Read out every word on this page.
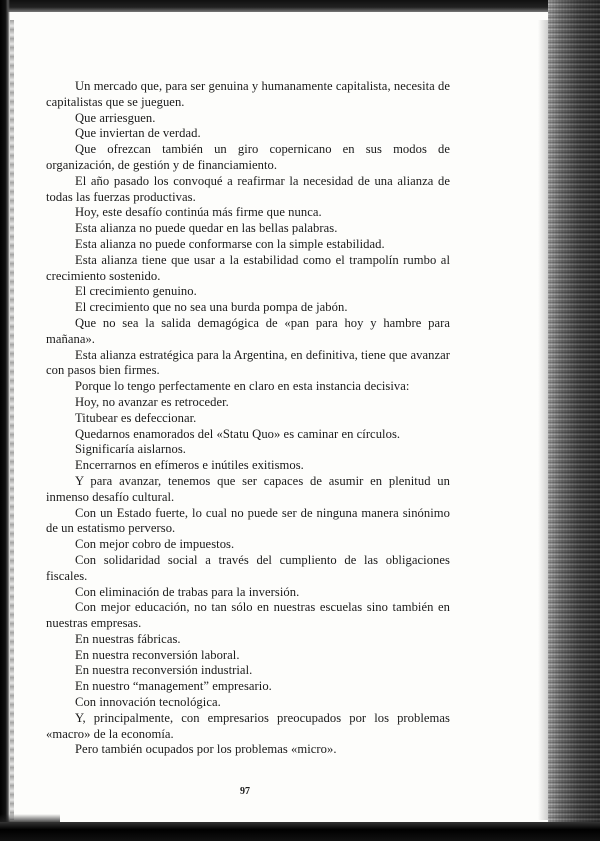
Un mercado que, para ser genuina y humanamente capitalista, necesita de capitalistas que se jueguen.

Que arriesguen.

Que inviertan de verdad.

Que ofrezcan también un giro copernicano en sus modos de organización, de gestión y de financiamiento.

El año pasado los convoqué a reafirmar la necesidad de una alianza de todas las fuerzas productivas.

Hoy, este desafío continúa más firme que nunca.

Esta alianza no puede quedar en las bellas palabras.

Esta alianza no puede conformarse con la simple estabilidad.

Esta alianza tiene que usar a la estabilidad como el trampolín rumbo al crecimiento sostenido.

El crecimiento genuino.

El crecimiento que no sea una burda pompa de jabón.

Que no sea la salida demagógica de «pan para hoy y hambre para mañana».

Esta alianza estratégica para la Argentina, en definitiva, tiene que avanzar con pasos bien firmes.

Porque lo tengo perfectamente en claro en esta instancia decisiva:

Hoy, no avanzar es retroceder.

Titubear es defeccionar.

Quedarnos enamorados del «Statu Quo» es caminar en círculos.

Significaría aislarnos.

Encerrarnos en efímeros e inútiles exitismos.

Y para avanzar, tenemos que ser capaces de asumir en plenitud un inmenso desafío cultural.

Con un Estado fuerte, lo cual no puede ser de ninguna manera sinónimo de un estatismo perverso.

Con mejor cobro de impuestos.

Con solidaridad social a través del cumpliento de las obligaciones fiscales.

Con eliminación de trabas para la inversión.

Con mejor educación, no tan sólo en nuestras escuelas sino también en nuestras empresas.

En nuestras fábricas.

En nuestra reconversión laboral.

En nuestra reconversión industrial.

En nuestro “management” empresario.

Con innovación tecnológica.

Y, principalmente, con empresarios preocupados por los problemas «macro» de la economía.

Pero también ocupados por los problemas «micro».

97
